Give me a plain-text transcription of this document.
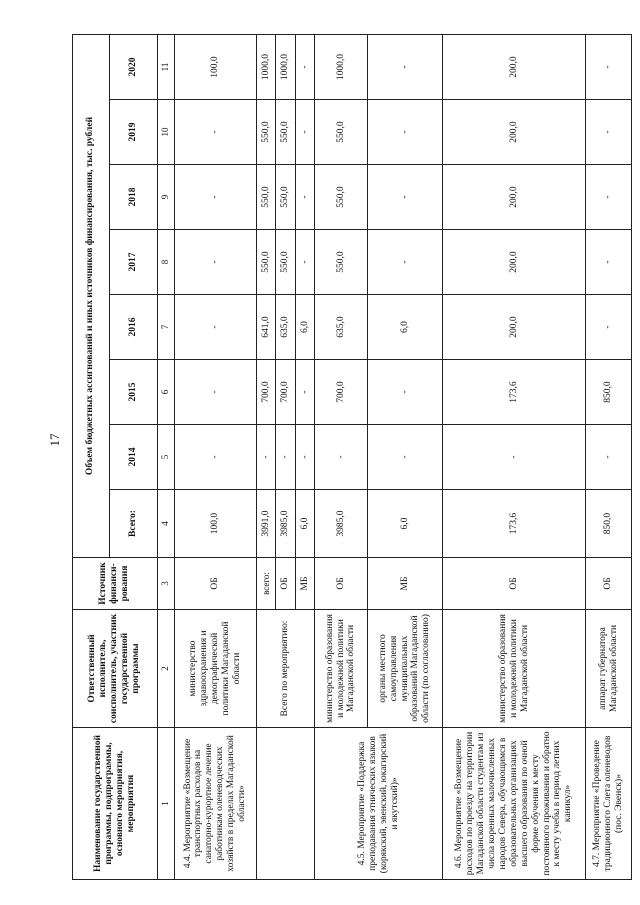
17
Наименование государственной программы, подпрограммы, основного мероприятия, мероприятия	Ответственный исполнитель, соисполнитель, участник государственной программы	Источник финанси-рования	Объем бюджетных ассигнований и иных источников финансирования, тыс. рублей							
			Всего:	2014	2015	2016	2017	2018	2019	2020
1	2	3	4	5	6	7	8	9	10	11
4.4. Мероприятие «Возмещение транспортных расходов на санаторно-курортное лечение работникам оленеводческих хозяйств в пределах Магаданской области»	министерство здравоохранения и демографической политики Магаданской области	ОБ	100,0	-	-	-	-	-	-	100,0
	Всего по мероприятию:	всего:	3991,0	-	700,0	641,0	550,0	550,0	550,0	1000,0
		ОБ	3985,0	-	700,0	635,0	550,0	550,0	550,0	1000,0
		МБ	6,0	-	-	6,0	-	-	-	-
4.5. Мероприятие «Поддержка преподавания этнических языков (корякский, эвенский, юкагирский и якутский)»	министерство образования и молодежной политики Магаданской области	ОБ	3985,0	-	700,0	635,0	550,0	550,0	550,0	1000,0
	органы местного самоуправления муниципальных образований Магаданской области (по согласованию)	МБ	6,0	-	-	6,0	-	-	-	-
4.6. Мероприятие «Возмещение расходов по проезду на территории Магаданской области студентам из числа коренных малочисленных народов Севера, обучающимся в образовательных организациях высшего образования по очной форме обучения к месту постоянного проживания и обратно к месту учебы в период летних каникул»	министерство образования и молодежной политики Магаданской области	ОБ	173,6	-	173,6	200,0	200,0	200,0	200,0	200,0
4.7. Мероприятие «Проведение традиционного Слета оленеводов (пос. Эвенск)»	аппарат губернатора Магаданской области	ОБ	850,0	-	850,0	-	-	-	-	-
